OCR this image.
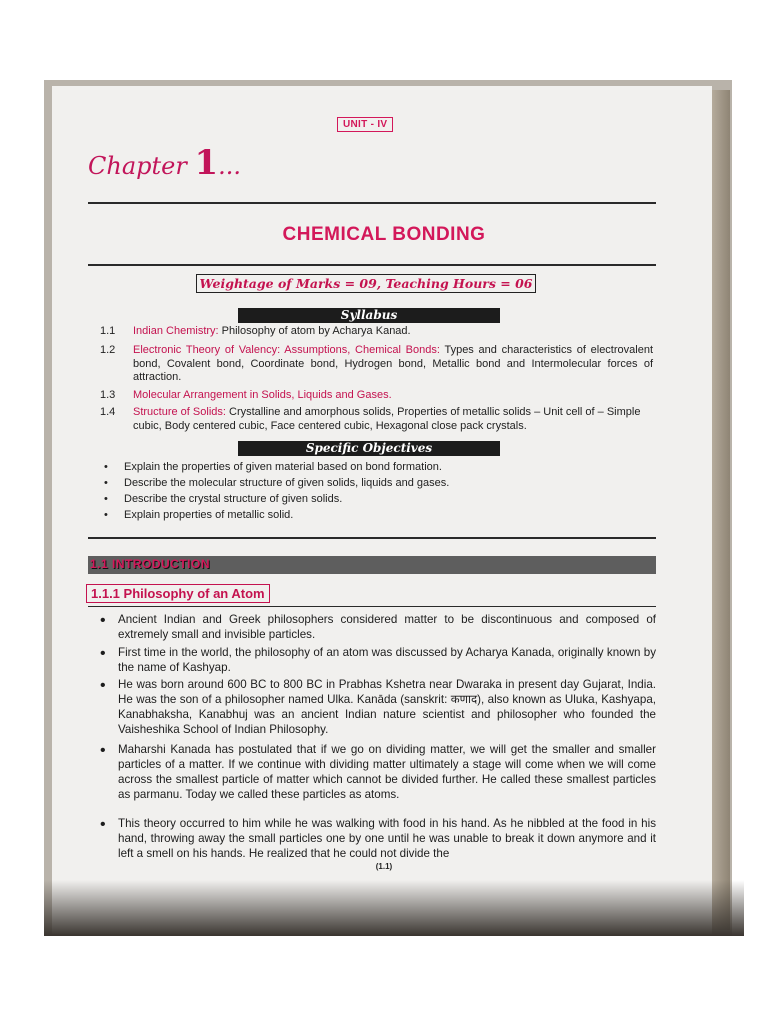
UNIT - IV
Chapter 1...
CHEMICAL BONDING
Weightage of Marks = 09, Teaching Hours = 06
Syllabus
1.1 Indian Chemistry: Philosophy of atom by Acharya Kanad.
1.2 Electronic Theory of Valency: Assumptions, Chemical Bonds: Types and characteristics of electrovalent bond, Covalent bond, Coordinate bond, Hydrogen bond, Metallic bond and Intermolecular forces of attraction.
1.3 Molecular Arrangement in Solids, Liquids and Gases.
1.4 Structure of Solids: Crystalline and amorphous solids, Properties of metallic solids – Unit cell of – Simple cubic, Body centered cubic, Face centered cubic, Hexagonal close pack crystals.
Specific Objectives
• Explain the properties of given material based on bond formation.
• Describe the molecular structure of given solids, liquids and gases.
• Describe the crystal structure of given solids.
• Explain properties of metallic solid.
1.1 INTRODUCTION
1.1.1 Philosophy of an Atom
• Ancient Indian and Greek philosophers considered matter to be discontinuous and composed of extremely small and invisible particles.
• First time in the world, the philosophy of an atom was discussed by Acharya Kanada, originally known by the name of Kashyap.
• He was born around 600 BC to 800 BC in Prabhas Kshetra near Dwaraka in present day Gujarat, India. He was the son of a philosopher named Ulka. Kanāda (sanskrit: कणाद), also known as Uluka, Kashyapa, Kanabhaksha, Kanabhuj was an ancient Indian nature scientist and philosopher who founded the Vaisheshika School of Indian Philosophy.
• Maharshi Kanada has postulated that if we go on dividing matter, we will get the smaller and smaller particles of a matter. If we continue with dividing matter ultimately a stage will come when we will come across the smallest particle of matter which cannot be divided further. He called these smallest particles as parmanu. Today we called these particles as atoms.
• This theory occurred to him while he was walking with food in his hand. As he nibbled at the food in his hand, throwing away the small particles one by one until he was unable to break it down anymore and it left a smell on his hands. He realized that he could not divide the
(1.1)
